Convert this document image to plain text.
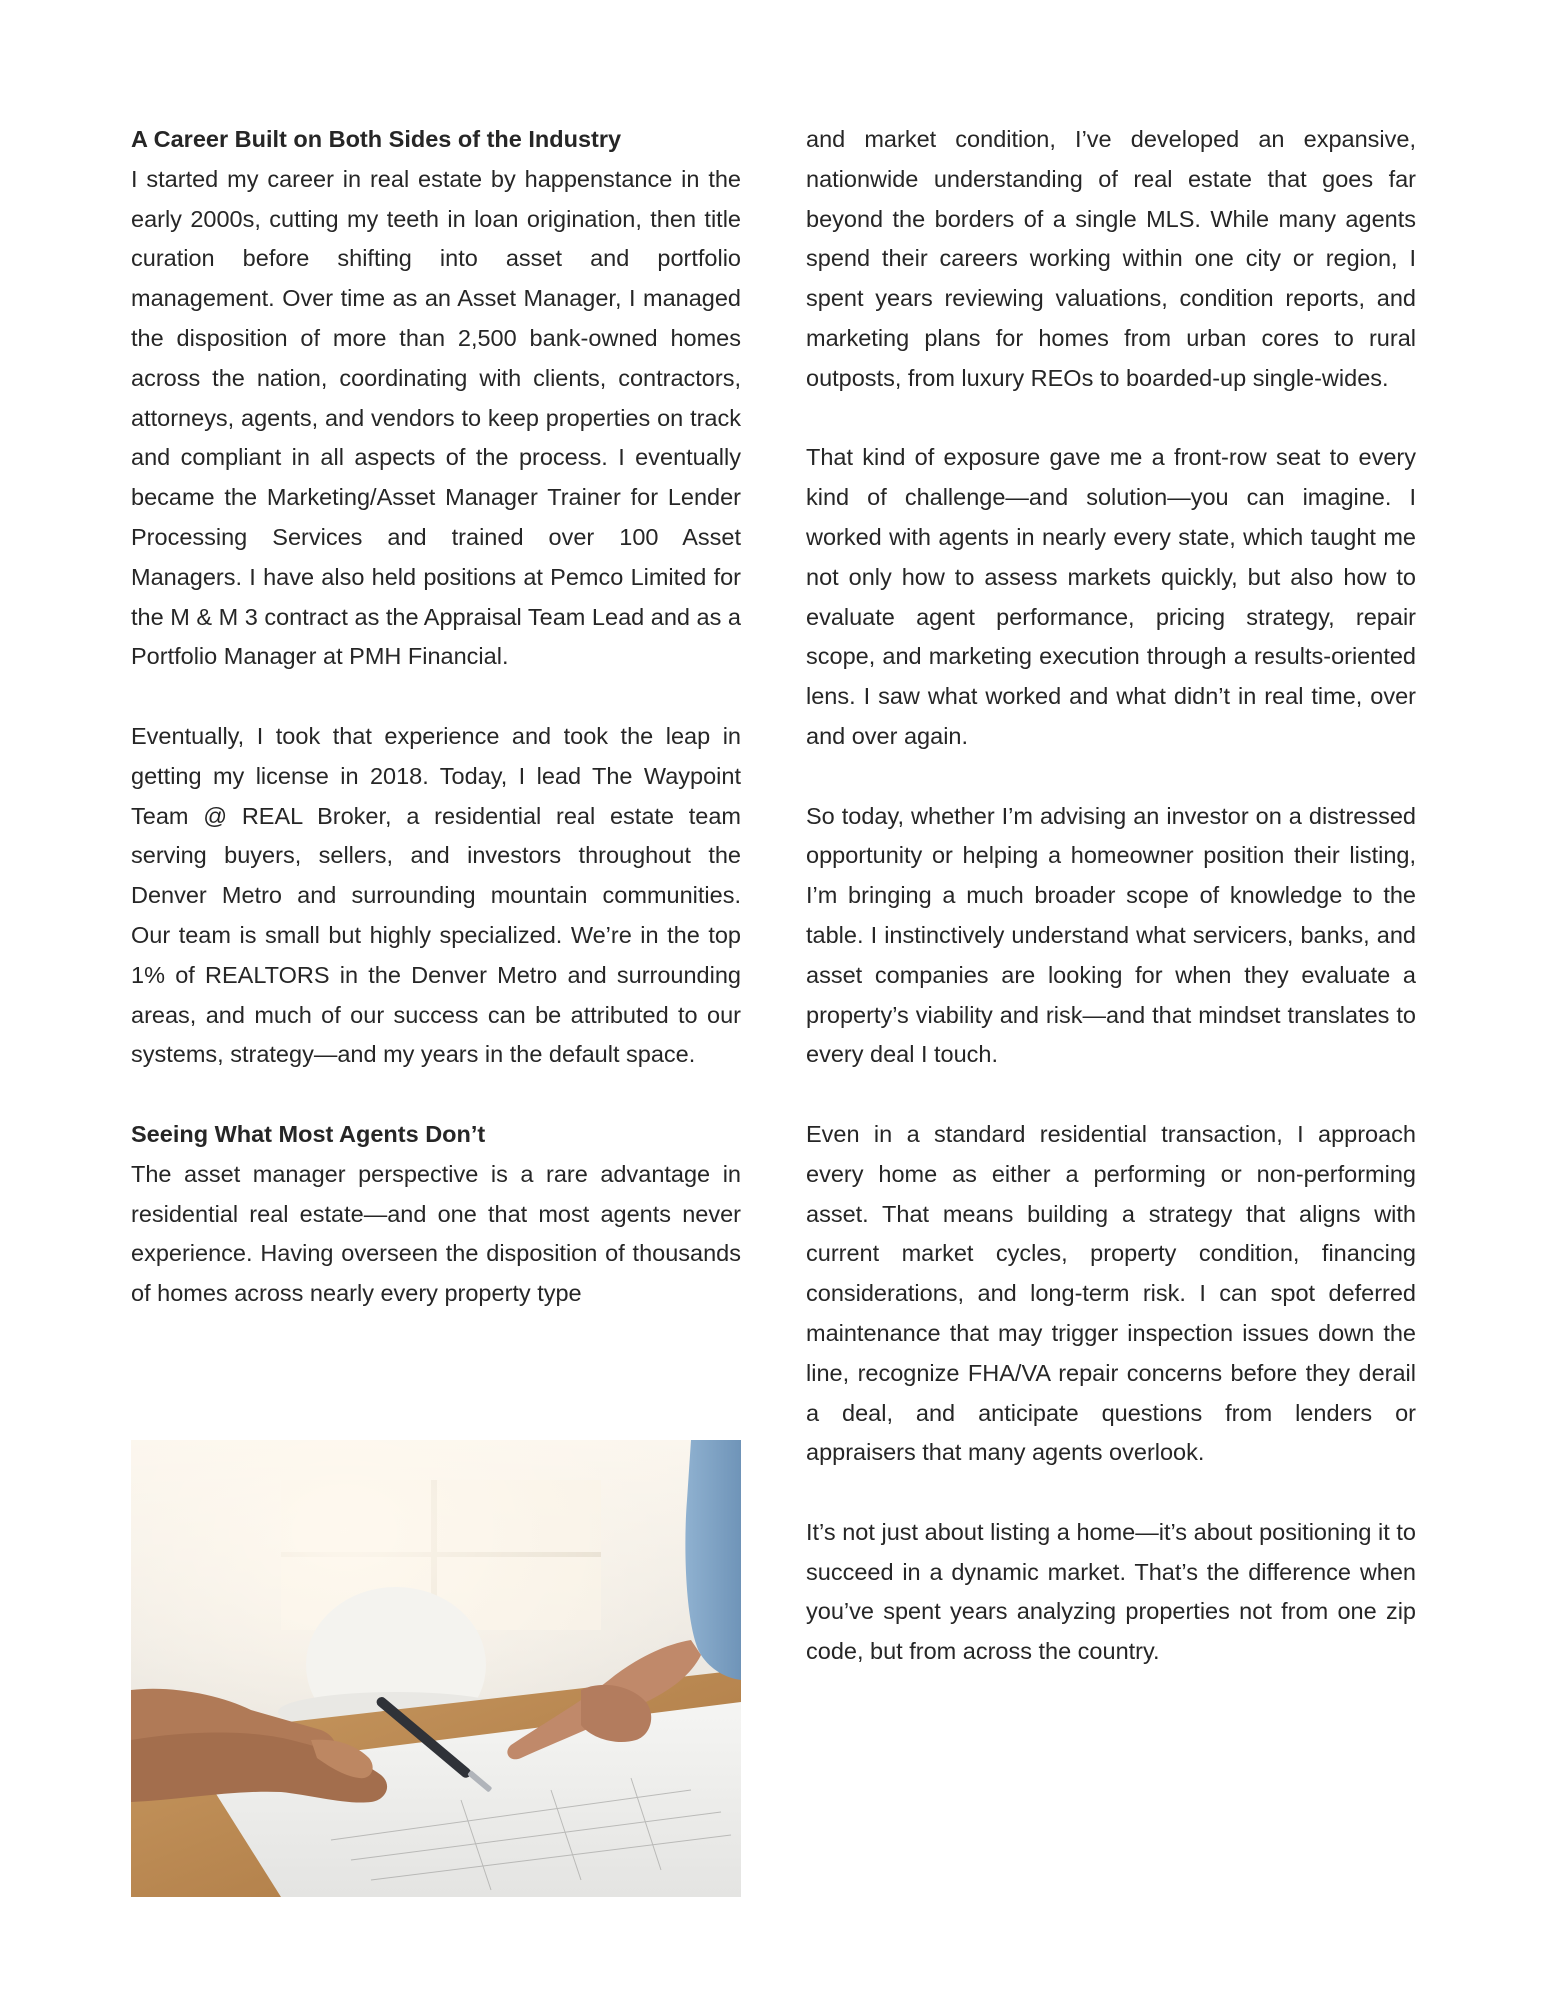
A Career Built on Both Sides of the Industry

I started my career in real estate by happenstance in the early 2000s, cutting my teeth in loan origination, then title curation before shifting into asset and portfolio management. Over time as an Asset Manager, I managed the disposition of more than 2,500 bank-owned homes across the nation, coordinating with clients, contractors, attorneys, agents, and vendors to keep properties on track and compliant in all aspects of the process. I eventually became the Marketing/Asset Manager Trainer for Lender Processing Services and trained over 100 Asset Managers. I have also held positions at Pemco Limited for the M & M 3 contract as the Appraisal Team Lead and as a Portfolio Manager at PMH Financial.

Eventually, I took that experience and took the leap in getting my license in 2018. Today, I lead The Waypoint Team @ REAL Broker, a residential real estate team serving buyers, sellers, and investors throughout the Denver Metro and surrounding mountain communities. Our team is small but highly specialized. We’re in the top 1% of REALTORS in the Denver Metro and surrounding areas, and much of our success can be attributed to our systems, strategy—and my years in the default space.

Seeing What Most Agents Don’t

The asset manager perspective is a rare advantage in residential real estate—and one that most agents never experience. Having overseen the disposition of thousands of homes across nearly every property type

and market condition, I’ve developed an expansive, nationwide understanding of real estate that goes far beyond the borders of a single MLS. While many agents spend their careers working within one city or region, I spent years reviewing valuations, condition reports, and marketing plans for homes from urban cores to rural outposts, from luxury REOs to boarded-up single-wides.

That kind of exposure gave me a front-row seat to every kind of challenge—and solution—you can imagine. I worked with agents in nearly every state, which taught me not only how to assess markets quickly, but also how to evaluate agent performance, pricing strategy, repair scope, and marketing execution through a results-oriented lens. I saw what worked and what didn’t in real time, over and over again.

So today, whether I’m advising an investor on a distressed opportunity or helping a homeowner position their listing, I’m bringing a much broader scope of knowledge to the table. I instinctively understand what servicers, banks, and asset companies are looking for when they evaluate a property’s viability and risk—and that mindset translates to every deal I touch.

Even in a standard residential transaction, I approach every home as either a performing or non-performing asset. That means building a strategy that aligns with current market cycles, property condition, financing considerations, and long-term risk. I can spot deferred maintenance that may trigger inspection issues down the line, recognize FHA/VA repair concerns before they derail a deal, and anticipate questions from lenders or appraisers that many agents overlook.

It’s not just about listing a home—it’s about positioning it to succeed in a dynamic market. That’s the difference when you’ve spent years analyzing properties not from one zip code, but from across the country.
